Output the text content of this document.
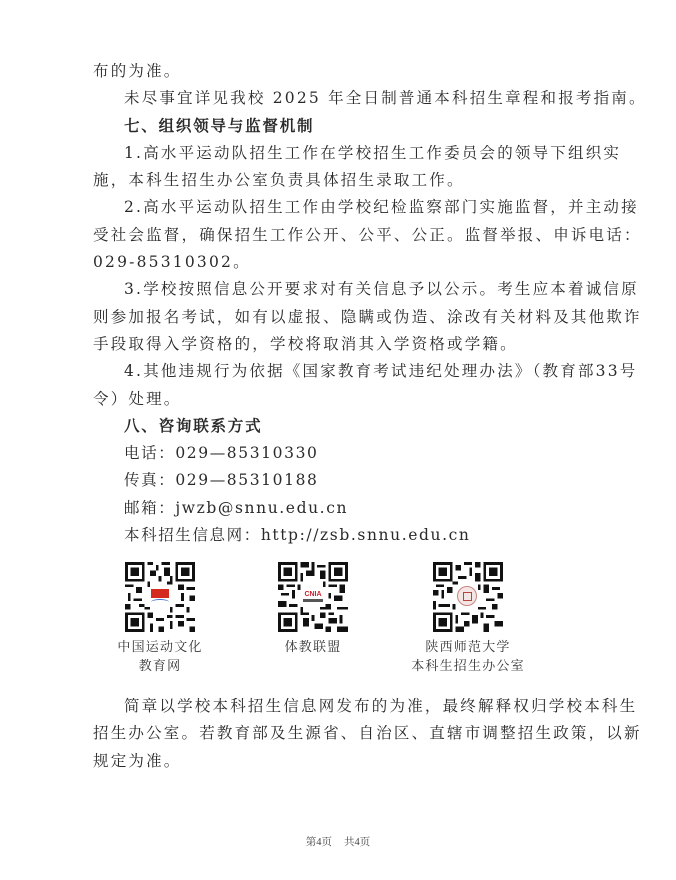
布的为准。
未尽事宜详见我校 2025 年全日制普通本科招生章程和报考指南。
七、组织领导与监督机制
1.高水平运动队招生工作在学校招生工作委员会的领导下组织实
施，本科生招生办公室负责具体招生录取工作。
2.高水平运动队招生工作由学校纪检监察部门实施监督，并主动接
受社会监督，确保招生工作公开、公平、公正。监督举报、申诉电话：
029-85310302。
3.学校按照信息公开要求对有关信息予以公示。考生应本着诚信原
则参加报名考试，如有以虚报、隐瞒或伪造、涂改有关材料及其他欺诈
手段取得入学资格的，学校将取消其入学资格或学籍。
4.其他违规行为依据《国家教育考试违纪处理办法》（教育部33号
令）处理。
八、咨询联系方式
电话：029—85310330
传真：029—85310188
邮箱：jwzb@snnu.edu.cn
本科招生信息网：http://zsb.snnu.edu.cn
中国运动文化
教育网
CNIA
体教联盟	陕西师范大学
本科生招生办公室
简章以学校本科招生信息网发布的为准，最终解释权归学校本科生
招生办公室。若教育部及生源省、自治区、直辖市调整招生政策，以新
规定为准。
第4页 共4页
